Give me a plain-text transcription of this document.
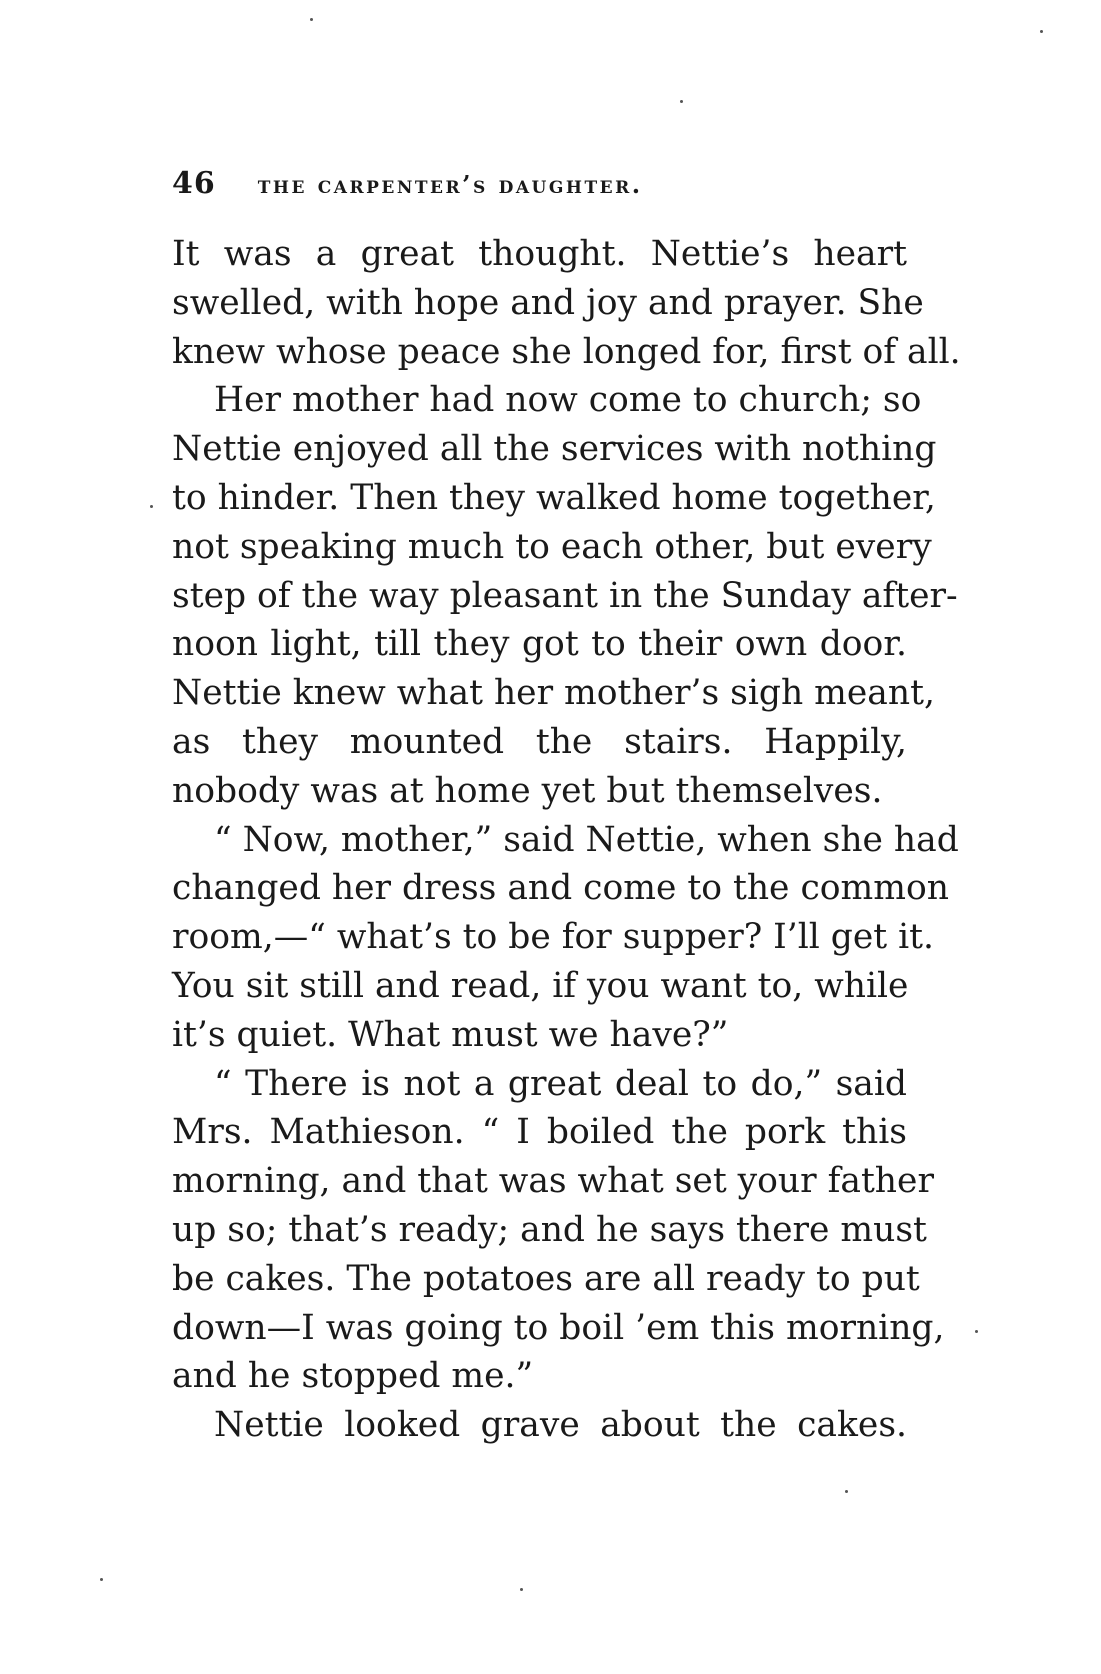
46 the carpenter’s daughter.
It was a great thought. Nettie’s heart
swelled, with hope and joy and prayer. She
knew whose peace she longed for, first of all.
Her mother had now come to church; so
Nettie enjoyed all the services with nothing
to hinder. Then they walked home together,
not speaking much to each other, but every
step of the way pleasant in the Sunday after-
noon light, till they got to their own door.
Nettie knew what her mother’s sigh meant,
as they mounted the stairs. Happily,
nobody was at home yet but themselves.
“ Now, mother,” said Nettie, when she had
changed her dress and come to the common
room,—“ what’s to be for supper? I’ll get it.
You sit still and read, if you want to, while
it’s quiet. What must we have?”
“ There is not a great deal to do,” said
Mrs. Mathieson. “ I boiled the pork this
morning, and that was what set your father
up so; that’s ready; and he says there must
be cakes. The potatoes are all ready to put
down—I was going to boil ’em this morning,
and he stopped me.”
Nettie looked grave about the cakes.
